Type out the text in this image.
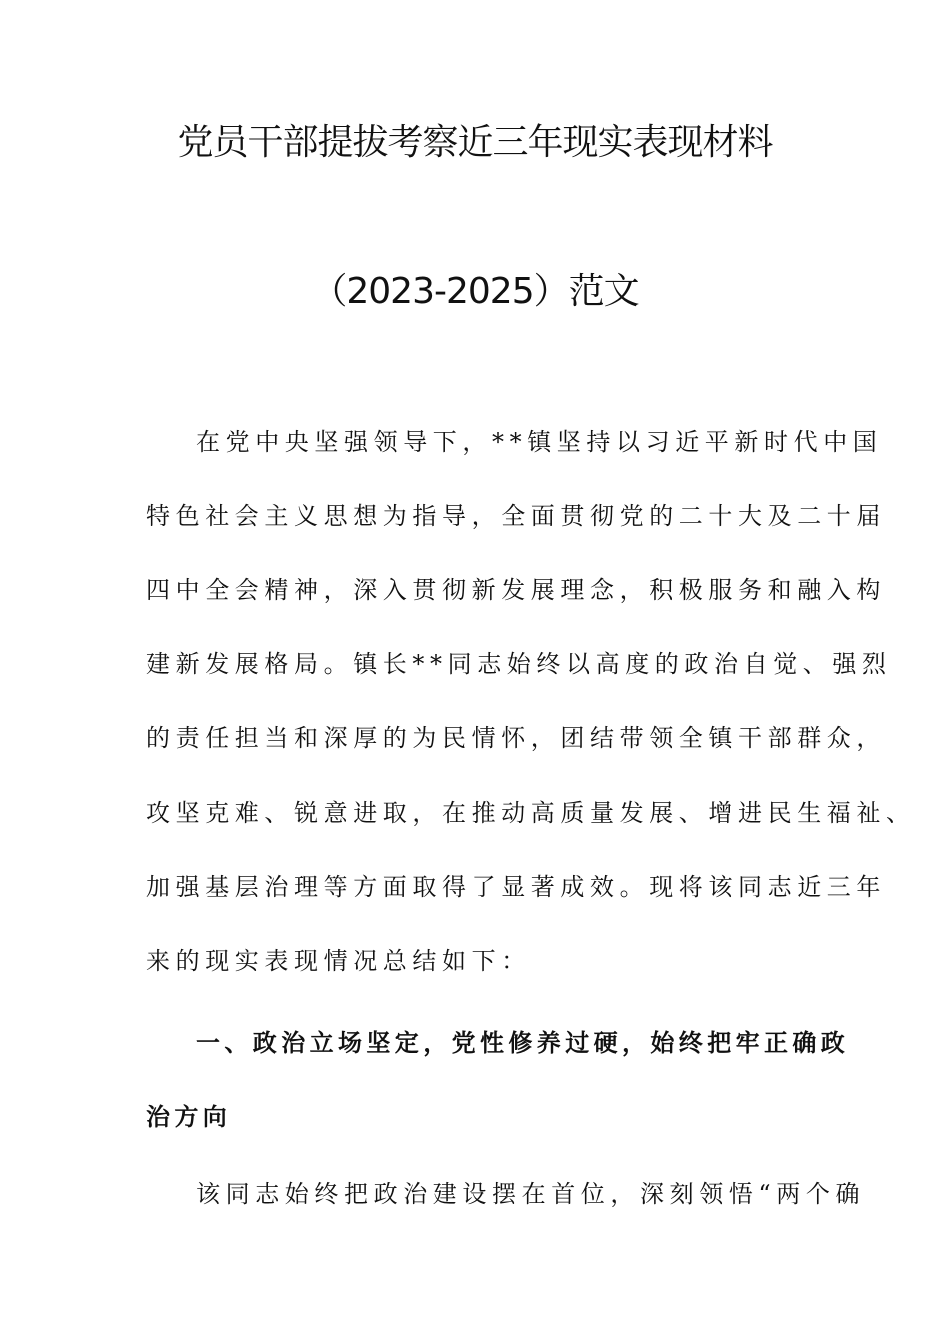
党员干部提拔考察近三年现实表现材料
（2023-2025）范文
在党中央坚强领导下，**镇坚持以习近平新时代中国
特色社会主义思想为指导，全面贯彻党的二十大及二十届
四中全会精神，深入贯彻新发展理念，积极服务和融入构
建新发展格局。镇长**同志始终以高度的政治自觉、强烈
的责任担当和深厚的为民情怀，团结带领全镇干部群众，
攻坚克难、锐意进取，在推动高质量发展、增进民生福祉、
加强基层治理等方面取得了显著成效。现将该同志近三年
来的现实表现情况总结如下：
一、政治立场坚定，党性修养过硬，始终把牢正确政
治方向
该同志始终把政治建设摆在首位，深刻领悟“两个确
